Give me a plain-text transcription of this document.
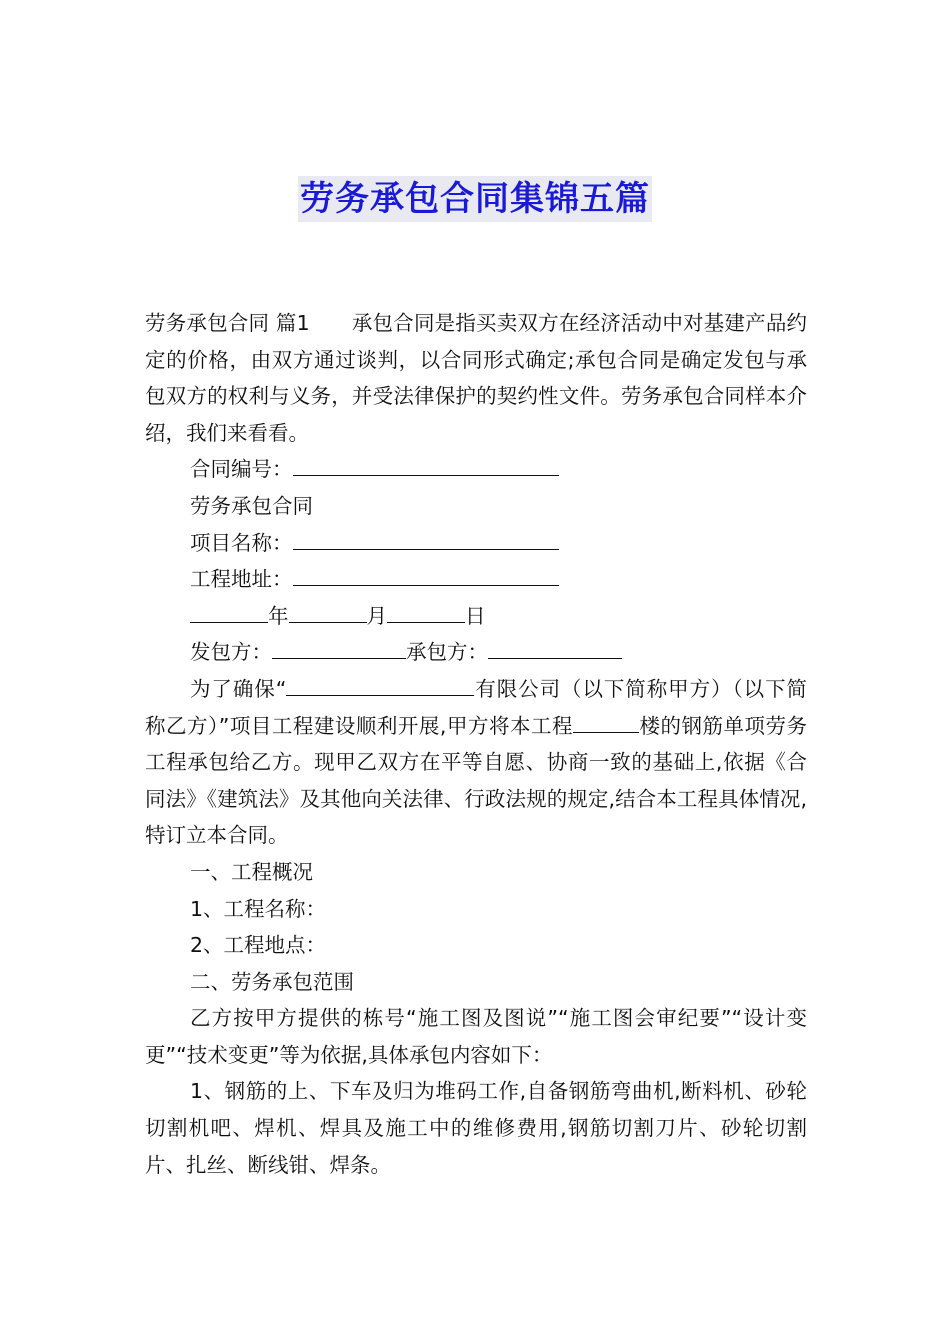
劳务承包合同集锦五篇

劳务承包合同 篇1 承包合同是指买卖双方在经济活动中对基建产品约定的价格，由双方通过谈判，以合同形式确定;承包合同是确定发包与承包双方的权利与义务，并受法律保护的契约性文件。劳务承包合同样本介绍，我们来看看。

合同编号：

劳务承包合同

项目名称：

工程地址：

年	月	日

发包方：	承包方：

为了确保“	有限公司（以下简称甲方）（以下简称乙方）”项目工程建设顺利开展,甲方将本工程	楼的钢筋单项劳务工程承包给乙方。现甲乙双方在平等自愿、协商一致的基础上,依据《合同法》《建筑法》及其他向关法律、行政法规的规定,结合本工程具体情况,特订立本合同。

一、工程概况

1、工程名称：

2、工程地点：

二、劳务承包范围

乙方按甲方提供的栋号“施工图及图说”“施工图会审纪要”“设计变更”“技术变更”等为依据,具体承包内容如下：

1、钢筋的上、下车及归为堆码工作,自备钢筋弯曲机,断料机、砂轮切割机吧、焊机、焊具及施工中的维修费用,钢筋切割刀片、砂轮切割片、扎丝、断线钳、焊条。
